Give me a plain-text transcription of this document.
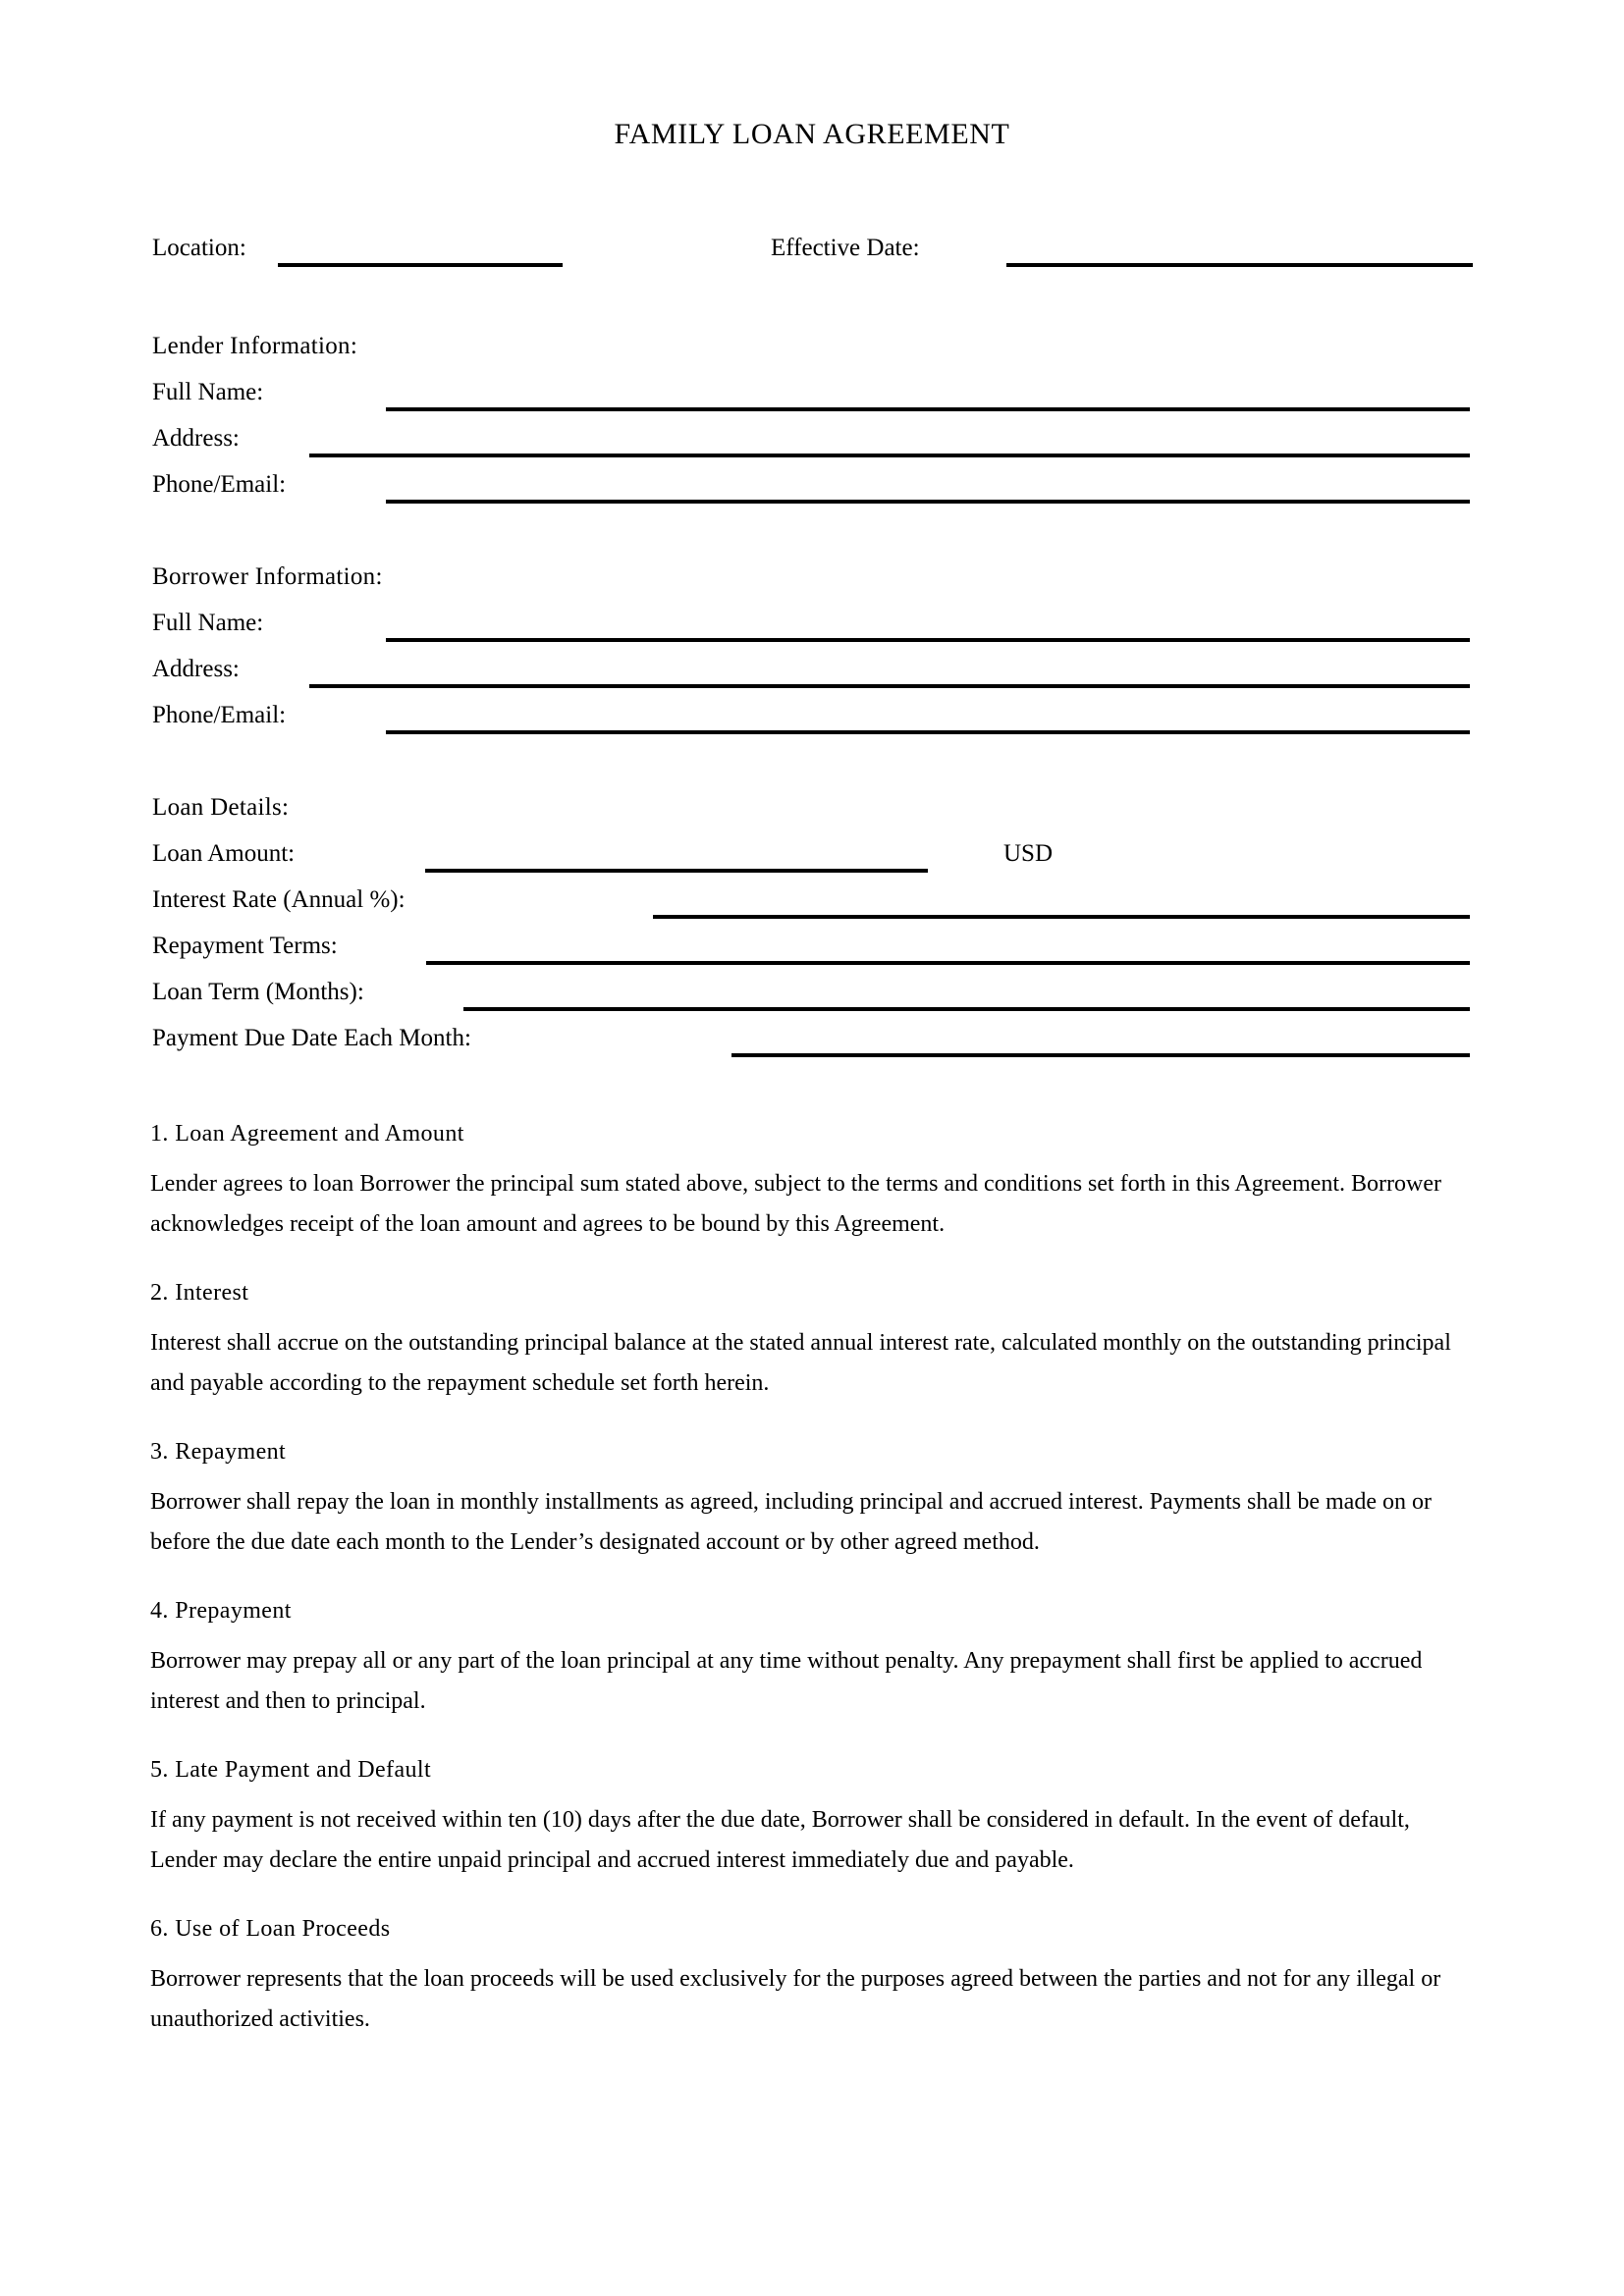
FAMILY LOAN AGREEMENT
Location:	Effective Date:
Lender Information:
Full Name:
Address:
Phone/Email:
Borrower Information:
Full Name:
Address:
Phone/Email:
Loan Details:
Loan Amount:	USD
Interest Rate (Annual %):
Repayment Terms:
Loan Term (Months):
Payment Due Date Each Month:

1. Loan Agreement and Amount

Lender agrees to loan Borrower the principal sum stated above, subject to the terms and conditions set forth in this Agreement. Borrower acknowledges receipt of the loan amount and agrees to be bound by this Agreement.

2. Interest

Interest shall accrue on the outstanding principal balance at the stated annual interest rate, calculated monthly on the outstanding principal and payable according to the repayment schedule set forth herein.

3. Repayment

Borrower shall repay the loan in monthly installments as agreed, including principal and accrued interest. Payments shall be made on or before the due date each month to the Lender’s designated account or by other agreed method.

4. Prepayment

Borrower may prepay all or any part of the loan principal at any time without penalty. Any prepayment shall first be applied to accrued interest and then to principal.

5. Late Payment and Default

If any payment is not received within ten (10) days after the due date, Borrower shall be considered in default. In the event of default, Lender may declare the entire unpaid principal and accrued interest immediately due and payable.

6. Use of Loan Proceeds

Borrower represents that the loan proceeds will be used exclusively for the purposes agreed between the parties and not for any illegal or unauthorized activities.
